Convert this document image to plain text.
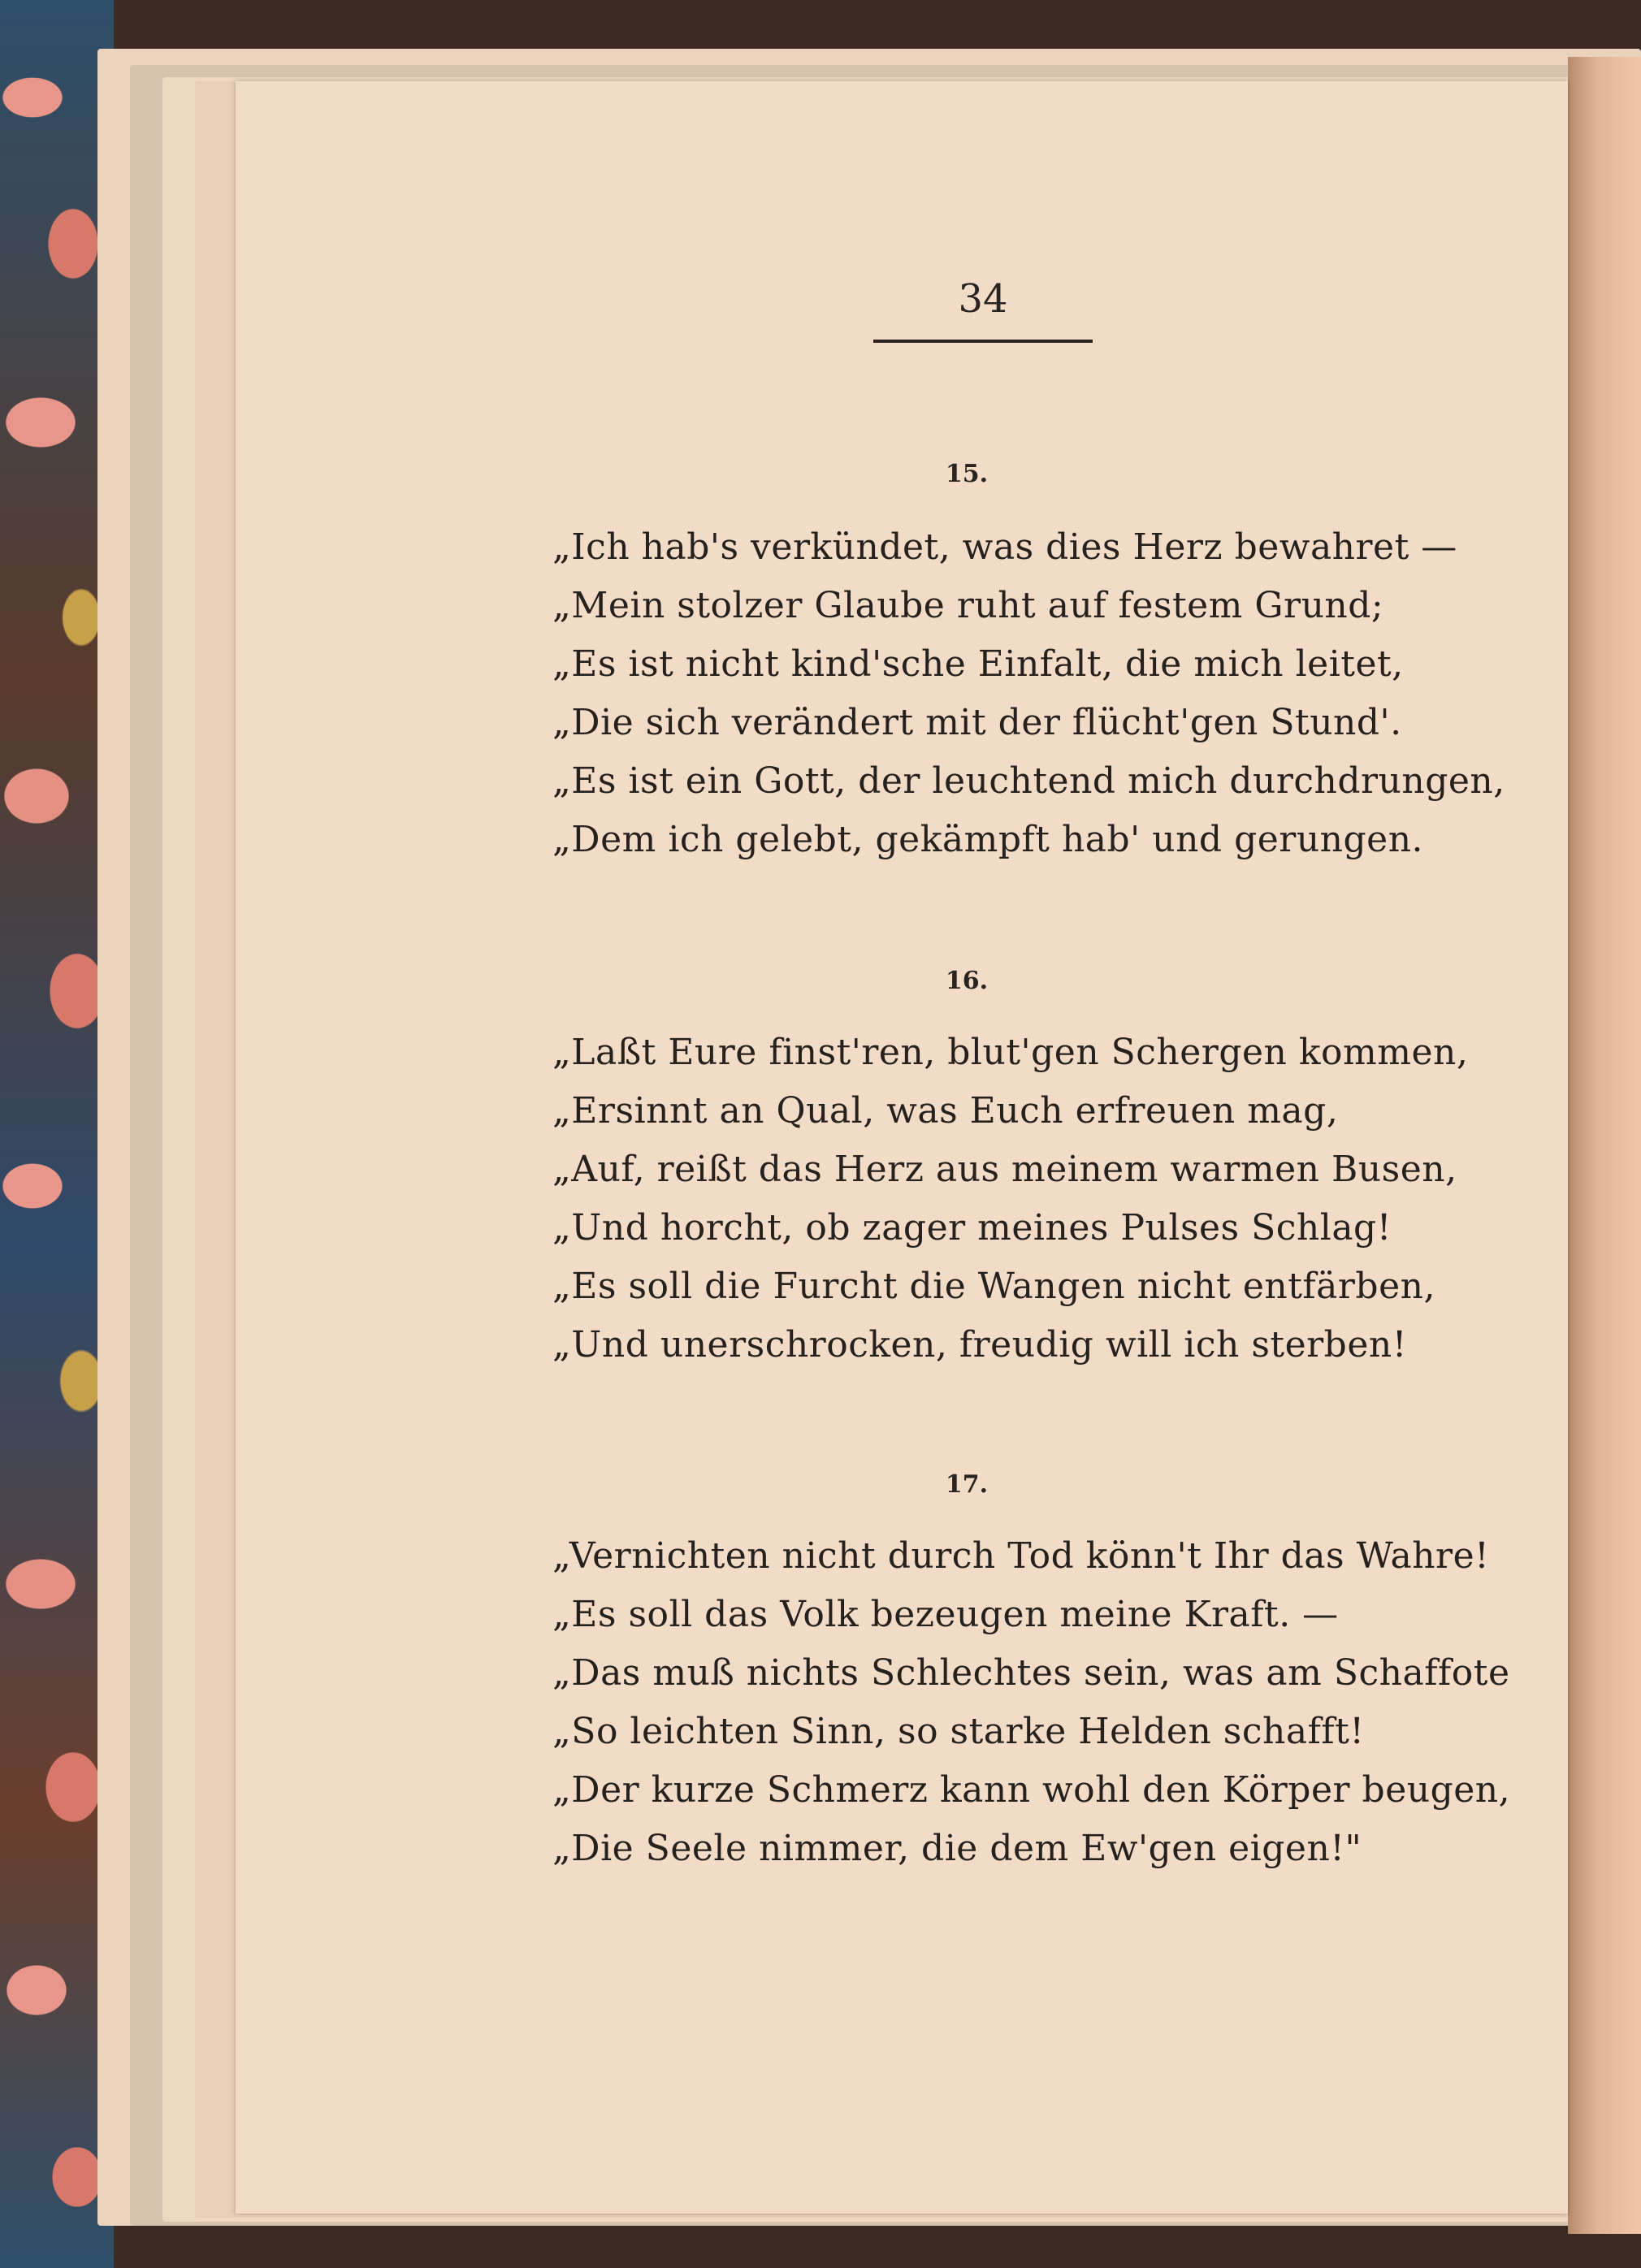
34
15.
„Ich hab's verkündet, was dies Herz bewahret —
„Mein stolzer Glaube ruht auf festem Grund;
„Es ist nicht kind'sche Einfalt, die mich leitet,
„Die sich verändert mit der flücht'gen Stund'.
„Es ist ein Gott, der leuchtend mich durchdrungen,
„Dem ich gelebt, gekämpft hab' und gerungen.
16.
„Laßt Eure finst'ren, blut'gen Schergen kommen,
„Ersinnt an Qual, was Euch erfreuen mag,
„Auf, reißt das Herz aus meinem warmen Busen,
„Und horcht, ob zager meines Pulses Schlag!
„Es soll die Furcht die Wangen nicht entfärben,
„Und unerschrocken, freudig will ich sterben!
17.
„Vernichten nicht durch Tod könn't Ihr das Wahre!
„Es soll das Volk bezeugen meine Kraft. —
„Das muß nichts Schlechtes sein, was am Schaffote
„So leichten Sinn, so starke Helden schafft!
„Der kurze Schmerz kann wohl den Körper beugen,
„Die Seele nimmer, die dem Ew'gen eigen!"
